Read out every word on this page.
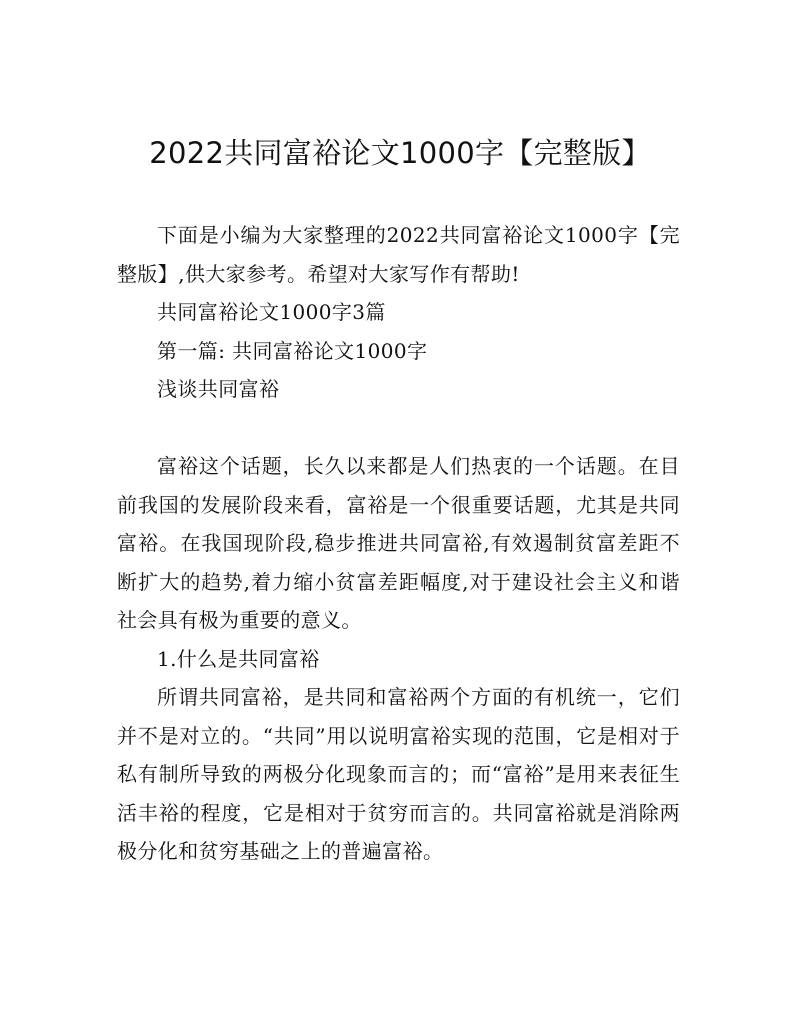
2022共同富裕论文1000字【完整版】

下面是小编为大家整理的2022共同富裕论文1000字【完整版】,供大家参考。希望对大家写作有帮助!

共同富裕论文1000字3篇

第一篇: 共同富裕论文1000字

浅谈共同富裕

富裕这个话题，长久以来都是人们热衷的一个话题。在目前我国的发展阶段来看，富裕是一个很重要话题，尤其是共同富裕。在我国现阶段,稳步推进共同富裕,有效遏制贫富差距不断扩大的趋势,着力缩小贫富差距幅度,对于建设社会主义和谐社会具有极为重要的意义。

1.什么是共同富裕

所谓共同富裕，是共同和富裕两个方面的有机统一，它们并不是对立的。“共同”用以说明富裕实现的范围，它是相对于私有制所导致的两极分化现象而言的；而“富裕”是用来表征生活丰裕的程度，它是相对于贫穷而言的。共同富裕就是消除两极分化和贫穷基础之上的普遍富裕。
